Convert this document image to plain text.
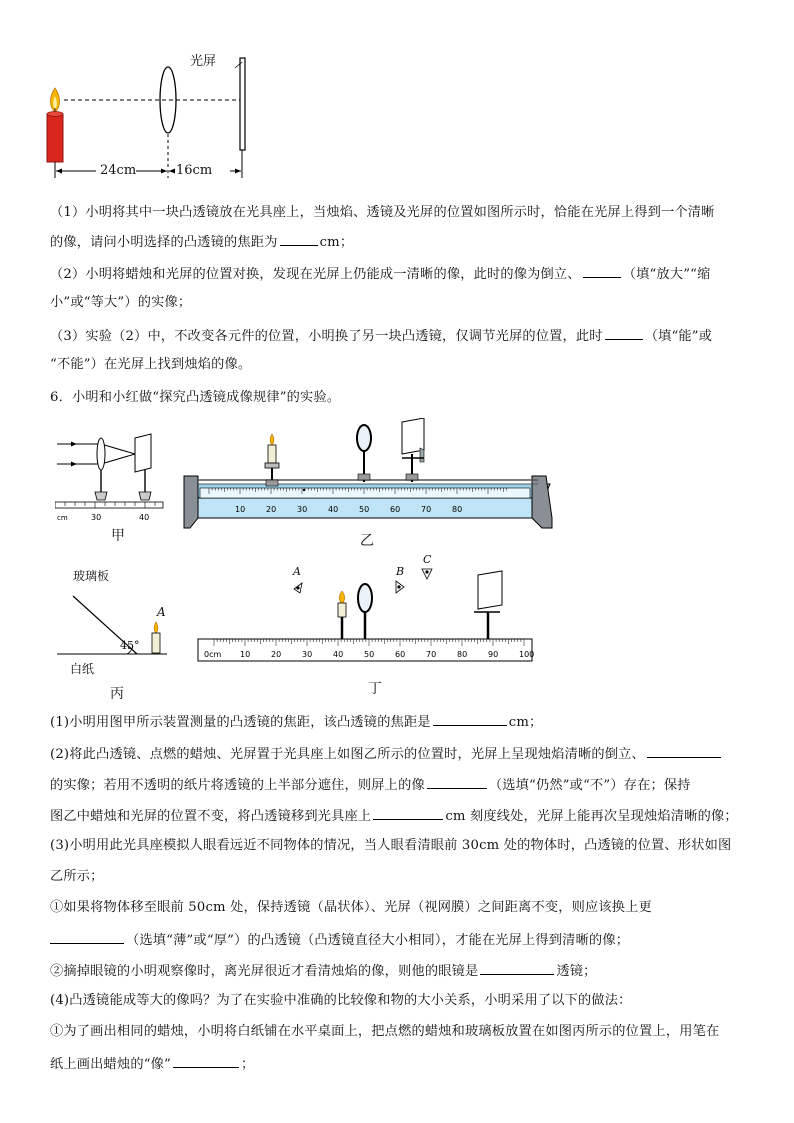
光屏
24cm	16cm
（1）小明将其中一块凸透镜放在光具座上，当烛焰、透镜及光屏的位置如图所示时，恰能在光屏上得到一个清晰
的像，请问小明选择的凸透镜的焦距为	cm；
（2）小明将蜡烛和光屏的位置对换，发现在光屏上仍能成一清晰的像，此时的像为倒立、	（填“放大”“缩
小”或“等大”）的实像；
（3）实验（2）中，不改变各元件的位置，小明换了另一块凸透镜，仅调节光屏的位置，此时	（填“能”或
“不能”）在光屏上找到烛焰的像。
6．小明和小红做“探究凸透镜成像规律”的实验。
cm	30	40
甲
10	20	30	40	50	60	70	80
乙
玻璃板
A
45°
白纸
丙
0cm 10	20	30	40	50	60	70	80	90	100
A	B
C
丁
(1)小明用图甲所示装置测量的凸透镜的焦距，该凸透镜的焦距是	cm；
(2)将此凸透镜、点燃的蜡烛、光屏置于光具座上如图乙所示的位置时，光屏上呈现烛焰清晰的倒立、
的实像；若用不透明的纸片将透镜的上半部分遮住，则屏上的像	（选填“仍然”或“不”）存在；保持
图乙中蜡烛和光屏的位置不变，将凸透镜移到光具座上	cm 刻度线处，光屏上能再次呈现烛焰清晰的像；
(3)小明用此光具座模拟人眼看远近不同物体的情况，当人眼看清眼前 30cm 处的物体时，凸透镜的位置、形状如图
乙所示；
①如果将物体移至眼前 50cm 处，保持透镜（晶状体）、光屏（视网膜）之间距离不变，则应该换上更
（选填“薄”或“厚”）的凸透镜（凸透镜直径大小相同），才能在光屏上得到清晰的像；
②摘掉眼镜的小明观察像时，离光屏很近才看清烛焰的像，则他的眼镜是	透镜；
(4)凸透镜能成等大的像吗？为了在实验中准确的比较像和物的大小关系，小明采用了以下的做法：
①为了画出相同的蜡烛，小明将白纸铺在水平桌面上，把点燃的蜡烛和玻璃板放置在如图丙所示的位置上，用笔在
纸上画出蜡烛的“像”	；
